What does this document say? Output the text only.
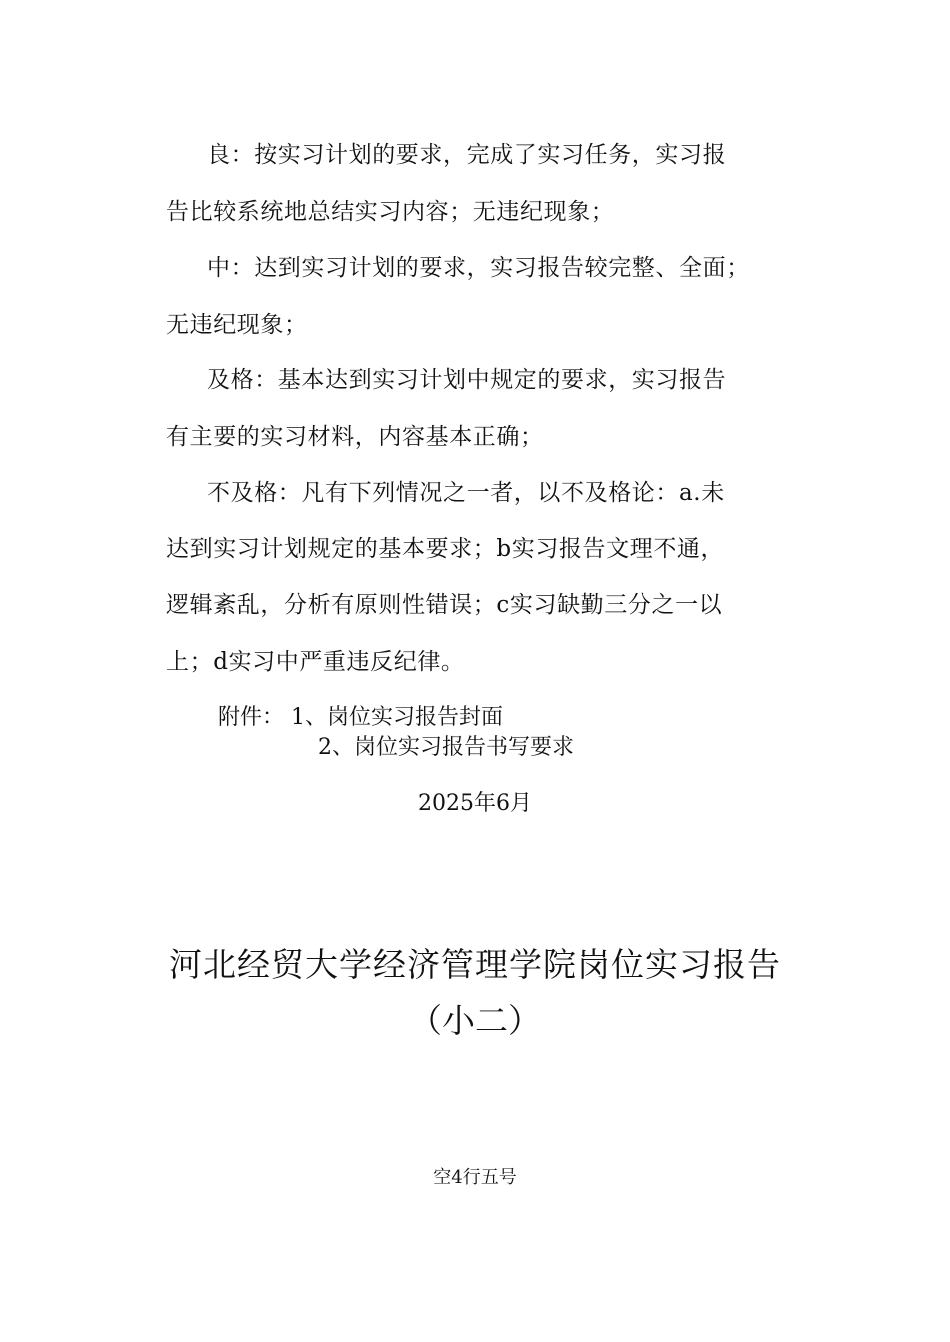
良：按实习计划的要求，完成了实习任务，实习报
告比较系统地总结实习内容；无违纪现象；
中：达到实习计划的要求，实习报告较完整、全面；
无违纪现象；
及格：基本达到实习计划中规定的要求，实习报告
有主要的实习材料，内容基本正确；
不及格：凡有下列情况之一者，以不及格论：a.未
达到实习计划规定的基本要求；b实习报告文理不通，
逻辑紊乱，分析有原则性错误；c实习缺勤三分之一以
上；d实习中严重违反纪律。
附件： 1、岗位实习报告封面
2、岗位实习报告书写要求
2025年6月
河北经贸大学经济管理学院岗位实习报告
（小二）
空4行五号
